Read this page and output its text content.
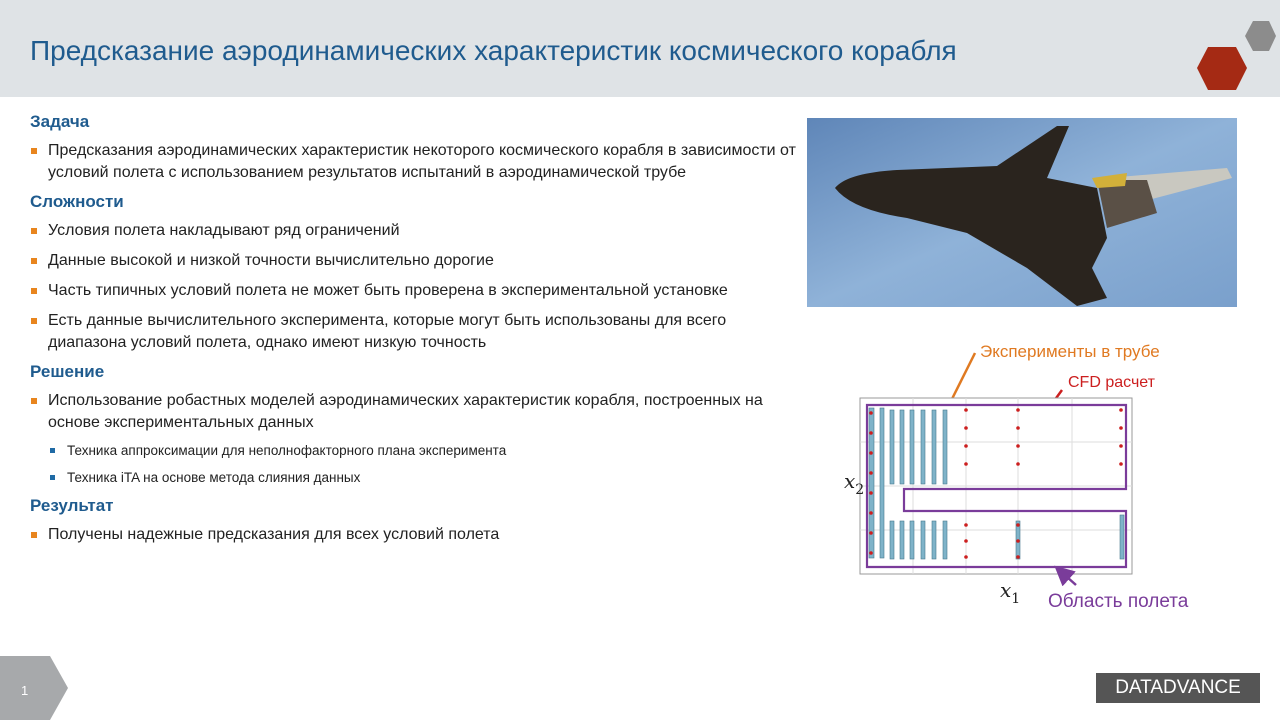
Предсказание аэродинамических характеристик космического корабля
Задача
Предсказания аэродинамических характеристик некоторого космического корабля в зависимости от условий полета с использованием результатов испытаний в аэродинамической трубе
Сложности
Условия полета накладывают ряд ограничений
Данные высокой и низкой точности вычислительно дорогие
Часть типичных условий полета не может быть проверена в экспериментальной установке
Есть данные вычислительного эксперимента, которые могут быть использованы для всего диапазона условий полета, однако имеют низкую точность
Решение
Использование робастных моделей аэродинамических характеристик корабля, построенных на основе экспериментальных данных
Техника аппроксимации для неполнофакторного плана эксперимента
Техника iTA на основе метода слияния данных
Результат
Получены надежные предсказания для всех условий полета
Эксперименты в трубе
CFD расчет
$x_2$
$x_1$ Область полета
1	DATADVANCE
